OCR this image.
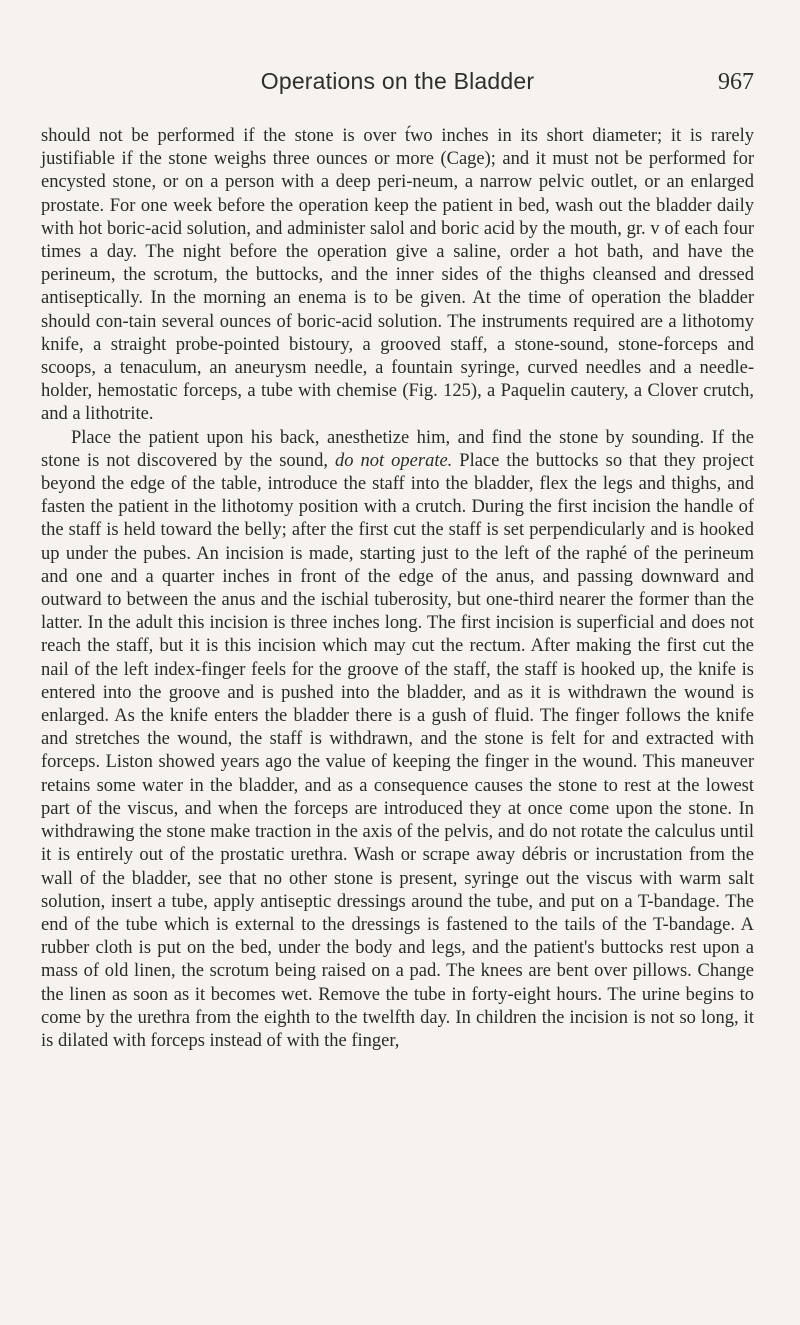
Operations on the Bladder	967

should not be performed if the stone is over t́wo inches in its short diameter; it is rarely justifiable if the stone weighs three ounces or more (Cage); and it must not be performed for encysted stone, or on a person with a deep peri-neum, a narrow pelvic outlet, or an enlarged prostate. For one week before the operation keep the patient in bed, wash out the bladder daily with hot boric-acid solution, and administer salol and boric acid by the mouth, gr. v of each four times a day. The night before the operation give a saline, order a hot bath, and have the perineum, the scrotum, the buttocks, and the inner sides of the thighs cleansed and dressed antiseptically. In the morning an enema is to be given. At the time of operation the bladder should con-tain several ounces of boric-acid solution. The instruments required are a lithotomy knife, a straight probe-pointed bistoury, a grooved staff, a stone-sound, stone-forceps and scoops, a tenaculum, an aneurysm needle, a fountain syringe, curved needles and a needle-holder, hemostatic forceps, a tube with chemise (Fig. 125), a Paquelin cautery, a Clover crutch, and a lithotrite.

Place the patient upon his back, anesthetize him, and find the stone by sounding. If the stone is not discovered by the sound, do not operate. Place the buttocks so that they project beyond the edge of the table, introduce the staff into the bladder, flex the legs and thighs, and fasten the patient in the lithotomy position with a crutch. During the first incision the handle of the staff is held toward the belly; after the first cut the staff is set perpendicularly and is hooked up under the pubes. An incision is made, starting just to the left of the raphé of the perineum and one and a quarter inches in front of the edge of the anus, and passing downward and outward to between the anus and the ischial tuberosity, but one-third nearer the former than the latter. In the adult this incision is three inches long. The first incision is superficial and does not reach the staff, but it is this incision which may cut the rectum. After making the first cut the nail of the left index-finger feels for the groove of the staff, the staff is hooked up, the knife is entered into the groove and is pushed into the bladder, and as it is withdrawn the wound is enlarged. As the knife enters the bladder there is a gush of fluid. The finger follows the knife and stretches the wound, the staff is withdrawn, and the stone is felt for and extracted with forceps. Liston showed years ago the value of keeping the finger in the wound. This maneuver retains some water in the bladder, and as a consequence causes the stone to rest at the lowest part of the viscus, and when the forceps are introduced they at once come upon the stone. In withdrawing the stone make traction in the axis of the pelvis, and do not rotate the calculus until it is entirely out of the prostatic urethra. Wash or scrape away débris or incrustation from the wall of the bladder, see that no other stone is present, syringe out the viscus with warm salt solution, insert a tube, apply antiseptic dressings around the tube, and put on a T-bandage. The end of the tube which is external to the dressings is fastened to the tails of the T-bandage. A rubber cloth is put on the bed, under the body and legs, and the patient's buttocks rest upon a mass of old linen, the scrotum being raised on a pad. The knees are bent over pillows. Change the linen as soon as it becomes wet. Remove the tube in forty-eight hours. The urine begins to come by the urethra from the eighth to the twelfth day. In children the incision is not so long, it is dilated with forceps instead of with the finger,
